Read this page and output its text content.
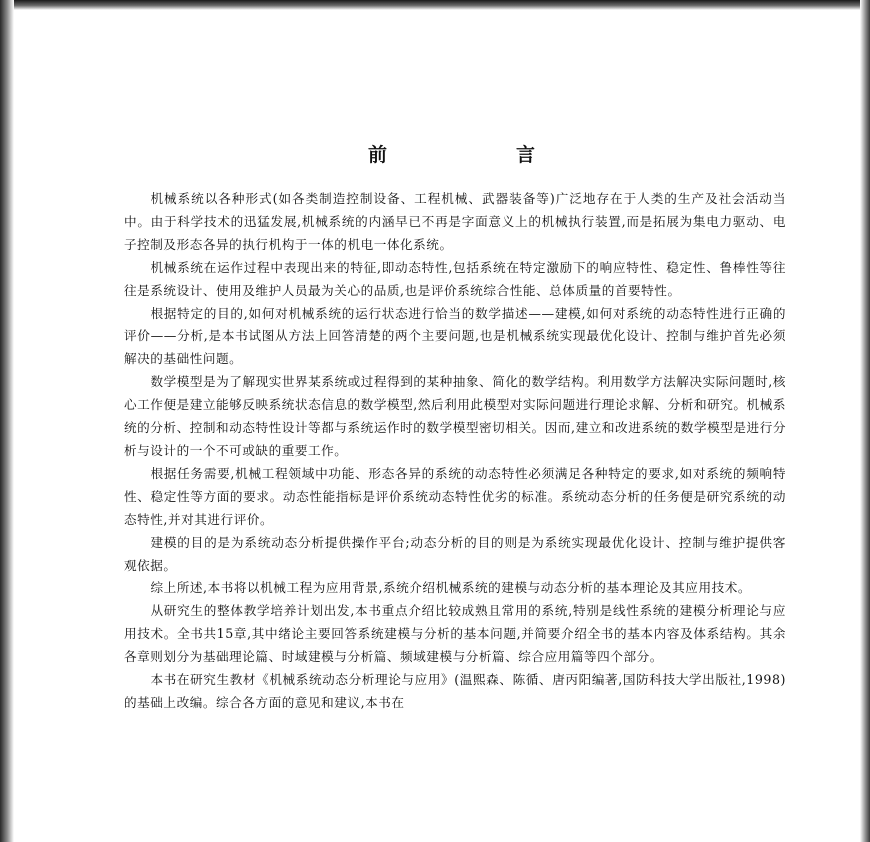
前　言

机械系统以各种形式(如各类制造控制设备、工程机械、武器装备等)广泛地存在于人类的生产及社会活动当中。由于科学技术的迅猛发展,机械系统的内涵早已不再是字面意义上的机械执行装置,而是拓展为集电力驱动、电子控制及形态各异的执行机构于一体的机电一体化系统。

机械系统在运作过程中表现出来的特征,即动态特性,包括系统在特定激励下的响应特性、稳定性、鲁棒性等往往是系统设计、使用及维护人员最为关心的品质,也是评价系统综合性能、总体质量的首要特性。

根据特定的目的,如何对机械系统的运行状态进行恰当的数学描述——建模,如何对系统的动态特性进行正确的评价——分析,是本书试图从方法上回答清楚的两个主要问题,也是机械系统实现最优化设计、控制与维护首先必须解决的基础性问题。

数学模型是为了解现实世界某系统或过程得到的某种抽象、简化的数学结构。利用数学方法解决实际问题时,核心工作便是建立能够反映系统状态信息的数学模型,然后利用此模型对实际问题进行理论求解、分析和研究。机械系统的分析、控制和动态特性设计等都与系统运作时的数学模型密切相关。因而,建立和改进系统的数学模型是进行分析与设计的一个不可或缺的重要工作。

根据任务需要,机械工程领域中功能、形态各异的系统的动态特性必须满足各种特定的要求,如对系统的频响特性、稳定性等方面的要求。动态性能指标是评价系统动态特性优劣的标准。系统动态分析的任务便是研究系统的动态特性,并对其进行评价。

建模的目的是为系统动态分析提供操作平台;动态分析的目的则是为系统实现最优化设计、控制与维护提供客观依据。

综上所述,本书将以机械工程为应用背景,系统介绍机械系统的建模与动态分析的基本理论及其应用技术。

从研究生的整体教学培养计划出发,本书重点介绍比较成熟且常用的系统,特别是线性系统的建模分析理论与应用技术。全书共15章,其中绪论主要回答系统建模与分析的基本问题,并简要介绍全书的基本内容及体系结构。其余各章则划分为基础理论篇、时域建模与分析篇、频域建模与分析篇、综合应用篇等四个部分。

本书在研究生教材《机械系统动态分析理论与应用》(温熙森、陈循、唐丙阳编著,国防科技大学出版社,1998)的基础上改编。综合各方面的意见和建议,本书在
